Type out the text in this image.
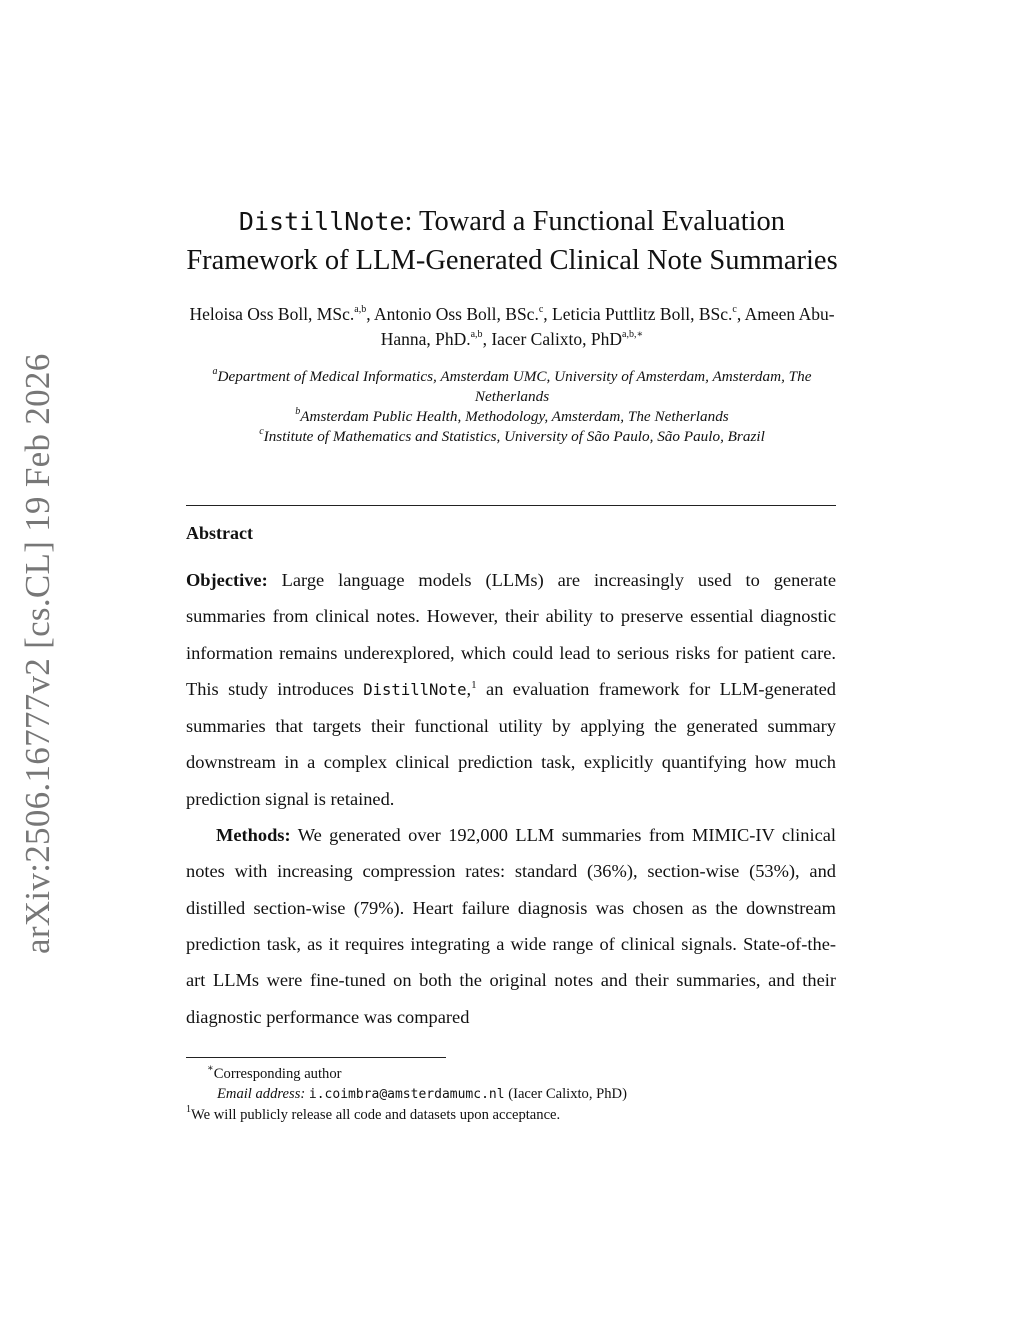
arXiv:2506.16777v2 [cs.CL] 19 Feb 2026
DistillNote: Toward a Functional Evaluation
Framework of LLM-Generated Clinical Note Summaries
Heloisa Oss Boll, MSc.$^{a,b}$, Antonio Oss Boll, BSc.$^c$, Leticia Puttlitz Boll, BSc.$^c$, Ameen Abu-Hanna, PhD.$^{a,b}$, Iacer Calixto, PhD$^{a,b,∗}$
$^a$Department of Medical Informatics, Amsterdam UMC, University of Amsterdam, Amsterdam, The Netherlands
$^b$Amsterdam Public Health, Methodology, Amsterdam, The Netherlands
$^c$Institute of Mathematics and Statistics, University of São Paulo, São Paulo, Brazil
Abstract

Objective: Large language models (LLMs) are increasingly used to generate summaries from clinical notes. However, their ability to preserve essential diagnostic information remains underexplored, which could lead to serious risks for patient care. This study introduces DistillNote,$^1$ an evaluation framework for LLM-generated summaries that targets their functional utility by applying the generated summary downstream in a complex clinical prediction task, explicitly quantifying how much prediction signal is retained.

Methods: We generated over 192,000 LLM summaries from MIMIC-IV clinical notes with increasing compression rates: standard (36%), section-wise (53%), and distilled section-wise (79%). Heart failure diagnosis was chosen as the downstream prediction task, as it requires integrating a wide range of clinical signals. State-of-the-art LLMs were fine-tuned on both the original notes and their summaries, and their diagnostic performance was compared

∗Corresponding author

Email address: i.coimbra@amsterdamumc.nl (Iacer Calixto, PhD)

$^1$We will publicly release all code and datasets upon acceptance.
